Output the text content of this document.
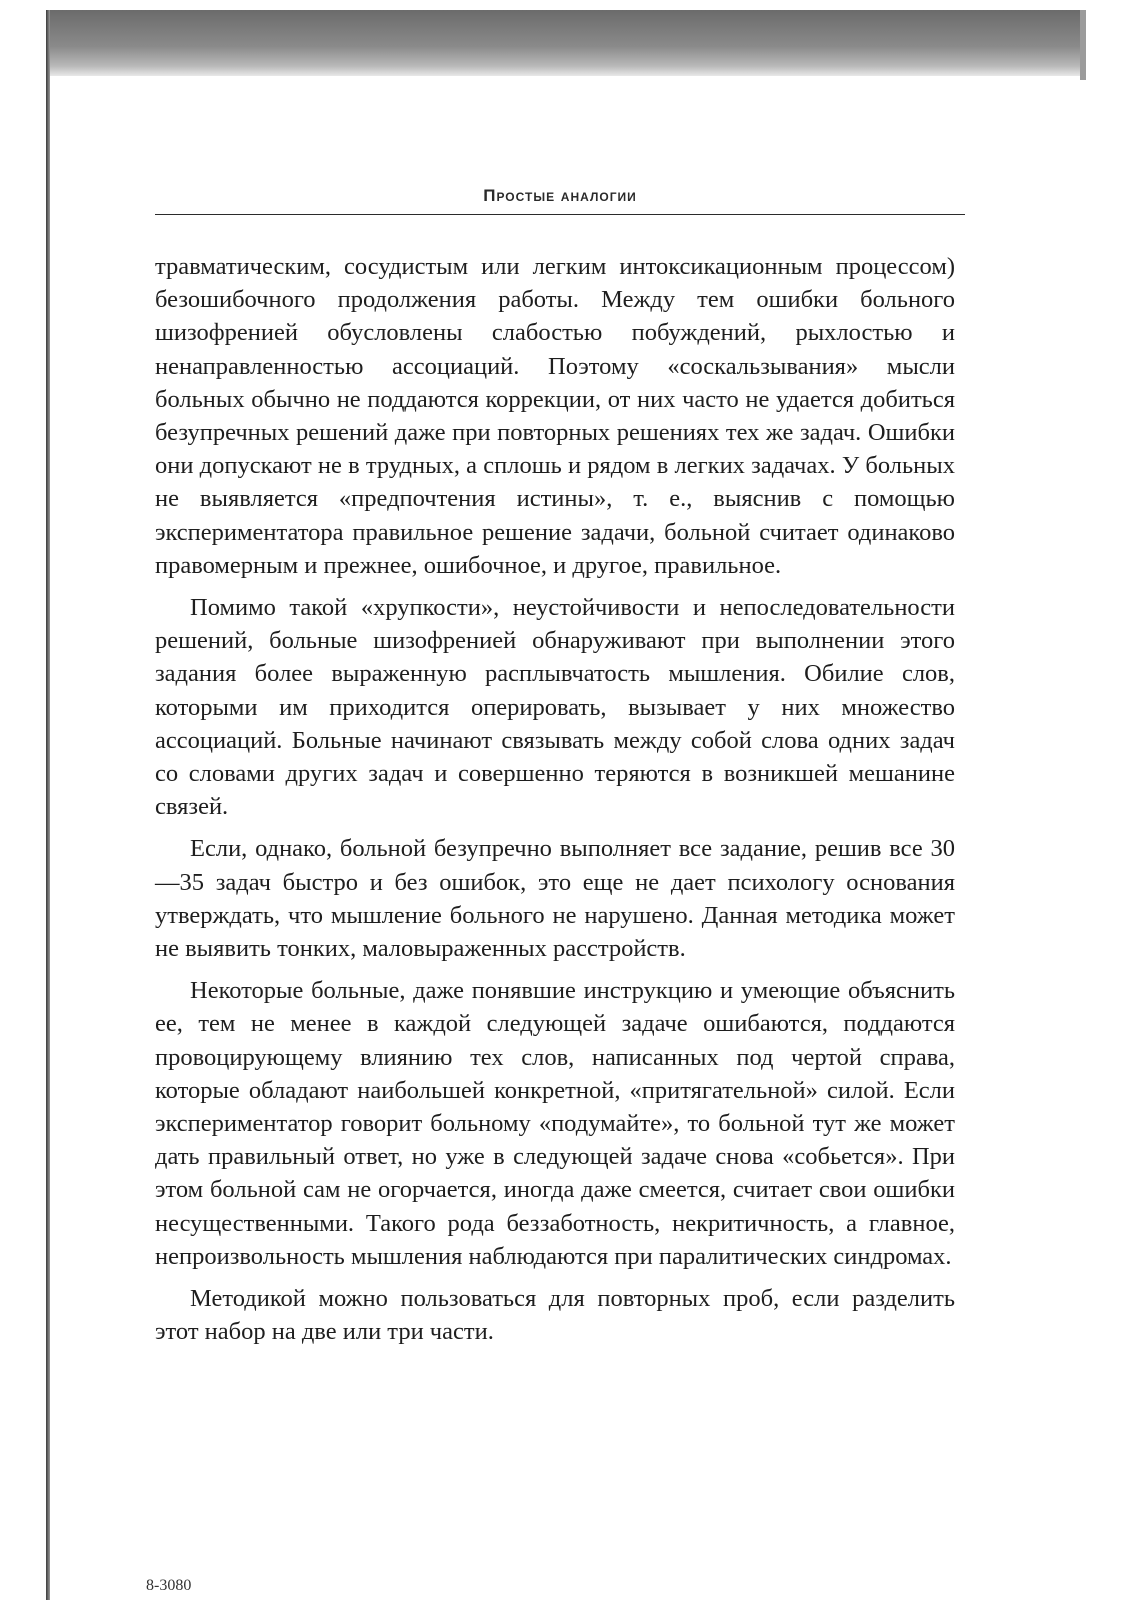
Простые аналогии

травматическим, сосудистым или легким интоксикационным процессом) безошибочного продолжения работы. Между тем ошибки больного шизофренией обусловлены слабостью побуждений, рыхлостью и ненаправленностью ассоциаций. Поэтому «соскальзывания» мысли больных обычно не поддаются коррекции, от них часто не удается добиться безупречных решений даже при повторных решениях тех же задач. Ошибки они допускают не в трудных, а сплошь и рядом в легких задачах. У больных не выявляется «предпочтения истины», т. е., выяснив с помощью экспериментатора правильное решение задачи, больной считает одинаково правомерным и прежнее, ошибочное, и другое, правильное.

Помимо такой «хрупкости», неустойчивости и непоследовательности решений, больные шизофренией обнаруживают при выполнении этого задания более выраженную расплывчатость мышления. Обилие слов, которыми им приходится оперировать, вызывает у них множество ассоциаций. Больные начинают связывать между собой слова одних задач со словами других задач и совершенно теряются в возникшей мешанине связей.

Если, однако, больной безупречно выполняет все задание, решив все 30—35 задач быстро и без ошибок, это еще не дает психологу основания утверждать, что мышление больного не нарушено. Данная методика может не выявить тонких, маловыраженных расстройств.

Некоторые больные, даже понявшие инструкцию и умеющие объяснить ее, тем не менее в каждой следующей задаче ошибаются, поддаются провоцирующему влиянию тех слов, написанных под чертой справа, которые обладают наибольшей конкретной, «притягательной» силой. Если экспериментатор говорит больному «подумайте», то больной тут же может дать правильный ответ, но уже в следующей задаче снова «собьется». При этом больной сам не огорчается, иногда даже смеется, считает свои ошибки несущественными. Такого рода беззаботность, некритичность, а главное, непроизвольность мышления наблюдаются при паралитических синдромах.

Методикой можно пользоваться для повторных проб, если разделить этот набор на две или три части.

8-3080
